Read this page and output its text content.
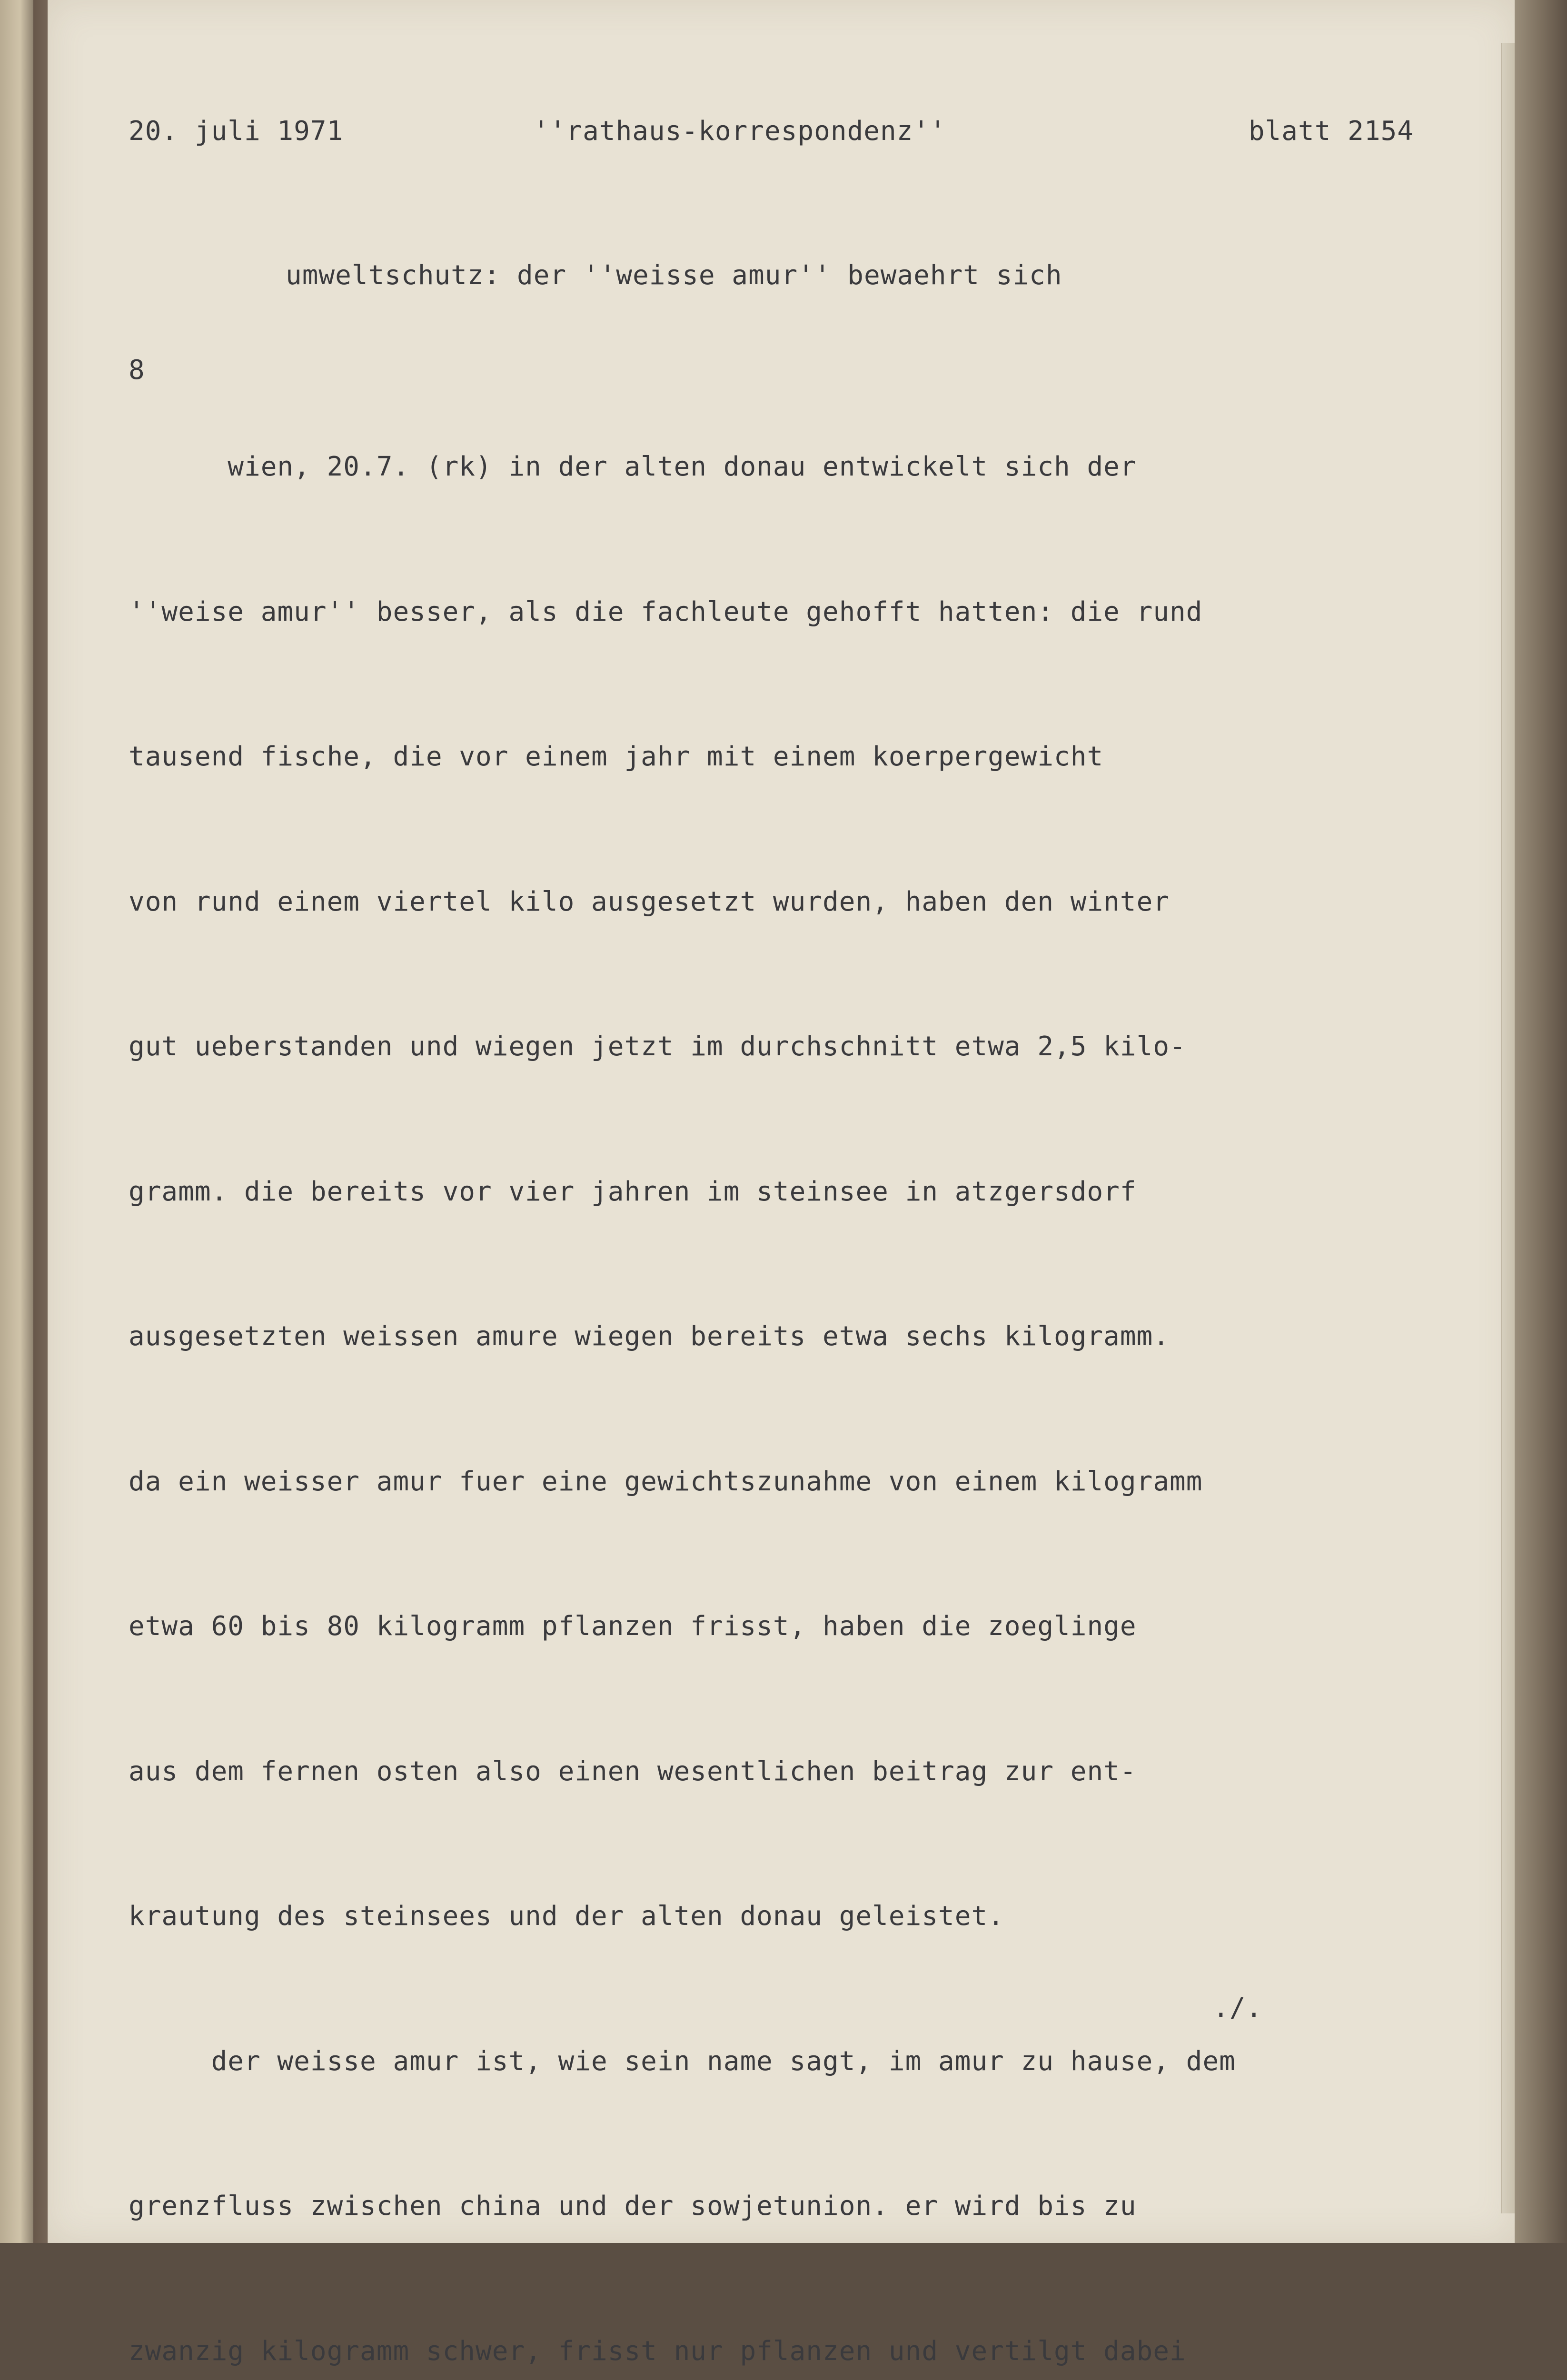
20. juli 1971

	''rathaus-korrespondenz''

	blatt 2154

umweltschutz: der ''weisse amur'' bewaehrt sich
8

wien, 20.7. (rk) in der alten donau entwickelt sich der

''weise amur'' besser, als die fachleute gehofft hatten: die rund

tausend fische, die vor einem jahr mit einem koerpergewicht

von rund einem viertel kilo ausgesetzt wurden, haben den winter

gut ueberstanden und wiegen jetzt im durchschnitt etwa 2,5 kilo-

gramm. die bereits vor vier jahren im steinsee in atzgersdorf

ausgesetzten weissen amure wiegen bereits etwa sechs kilogramm.

da ein weisser amur fuer eine gewichtszunahme von einem kilogramm

etwa 60 bis 80 kilogramm pflanzen frisst, haben die zoeglinge

aus dem fernen osten also einen wesentlichen beitrag zur ent-

krautung des steinsees und der alten donau geleistet.

der weisse amur ist, wie sein name sagt, im amur zu hause, dem

grenzfluss zwischen china und der sowjetunion. er wird bis zu

zwanzig kilogramm schwer, frisst nur pflanzen und vertilgt dabei

./.
